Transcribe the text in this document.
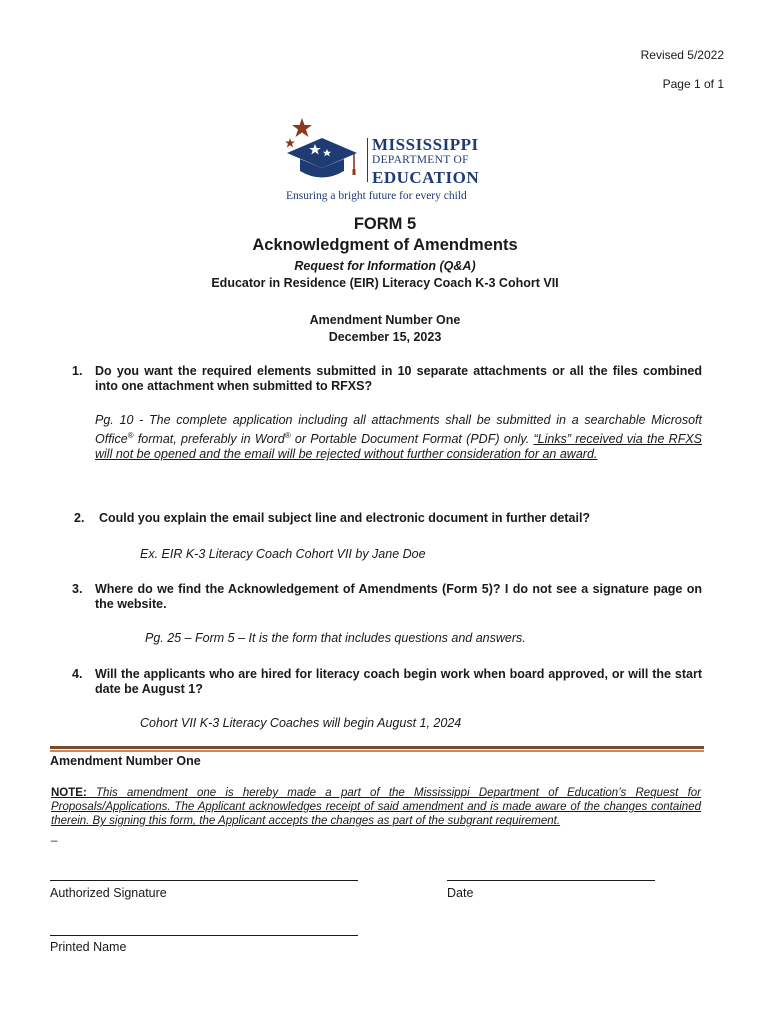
Revised 5/2022
Page 1 of 1
MISSISSIPPI
DEPARTMENT OF
EDUCATION
Ensuring a bright future for every child
FORM 5
Acknowledgment of Amendments
Request for Information (Q&A)
Educator in Residence (EIR) Literacy Coach K-3 Cohort VII
Amendment Number One
December 15, 2023
1. Do you want the required elements submitted in 10 separate attachments or all the files combined into one attachment when submitted to RFXS?
Pg. 10 - The complete application including all attachments shall be submitted in a searchable Microsoft Office® format, preferably in Word® or Portable Document Format (PDF) only. “Links” received via the RFXS will not be opened and the email will be rejected without further consideration for an award.
2. Could you explain the email subject line and electronic document in further detail?
Ex. EIR K-3 Literacy Coach Cohort VII by Jane Doe
3. Where do we find the Acknowledgement of Amendments (Form 5)? I do not see a signature page on the website.
Pg. 25 – Form 5 – It is the form that includes questions and answers.
4. Will the applicants who are hired for literacy coach begin work when board approved, or will the start date be August 1?
Cohort VII K-3 Literacy Coaches will begin August 1, 2024
Amendment Number One
NOTE: This amendment one is hereby made a part of the Mississippi Department of Education’s Request for Proposals/Applications. The Applicant acknowledges receipt of said amendment and is made aware of the changes contained therein. By signing this form, the Applicant accepts the changes as part of the subgrant requirement.
_
Authorized Signature	Date
Printed Name
